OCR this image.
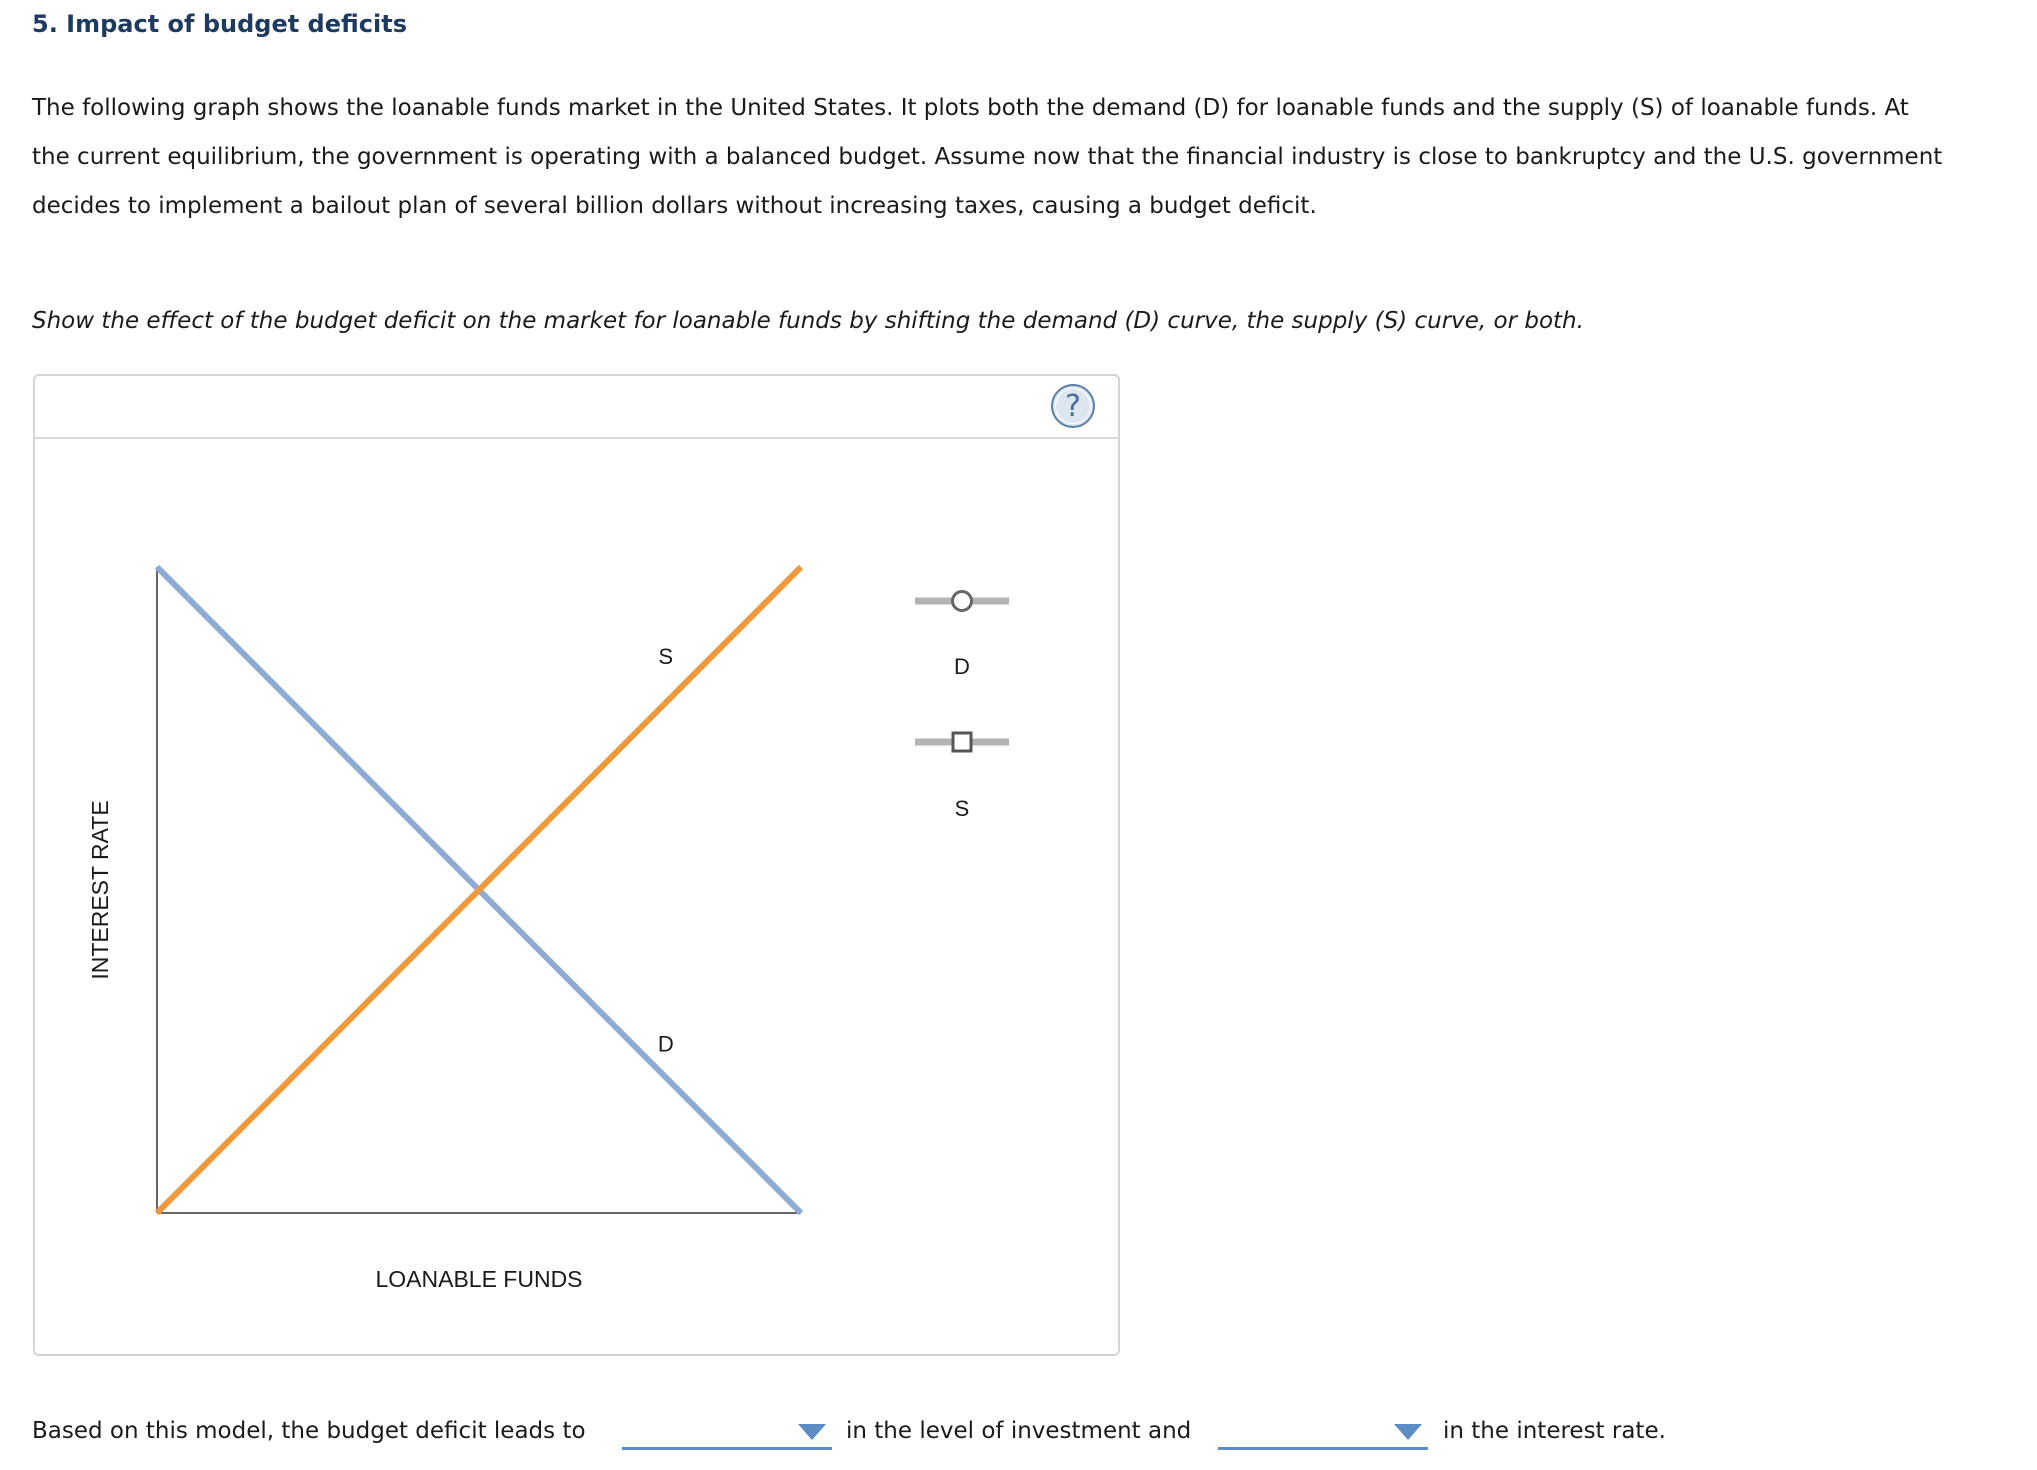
5. Impact of budget deficits
The following graph shows the loanable funds market in the United States. It plots both the demand (D) for loanable funds and the supply (S) of loanable funds. At the current equilibrium, the government is operating with a balanced budget. Assume now that the financial industry is close to bankruptcy and the U.S. government decides to implement a bailout plan of several billion dollars without increasing taxes, causing a budget deficit.
Show the effect of the budget deficit on the market for loanable funds by shifting the demand (D) curve, the supply (S) curve, or both.
?
S
D
INTEREST RATE
LOANABLE FUNDS
D
S
Based on this model, the budget deficit leads to	in the level of investment and	in the interest rate.
